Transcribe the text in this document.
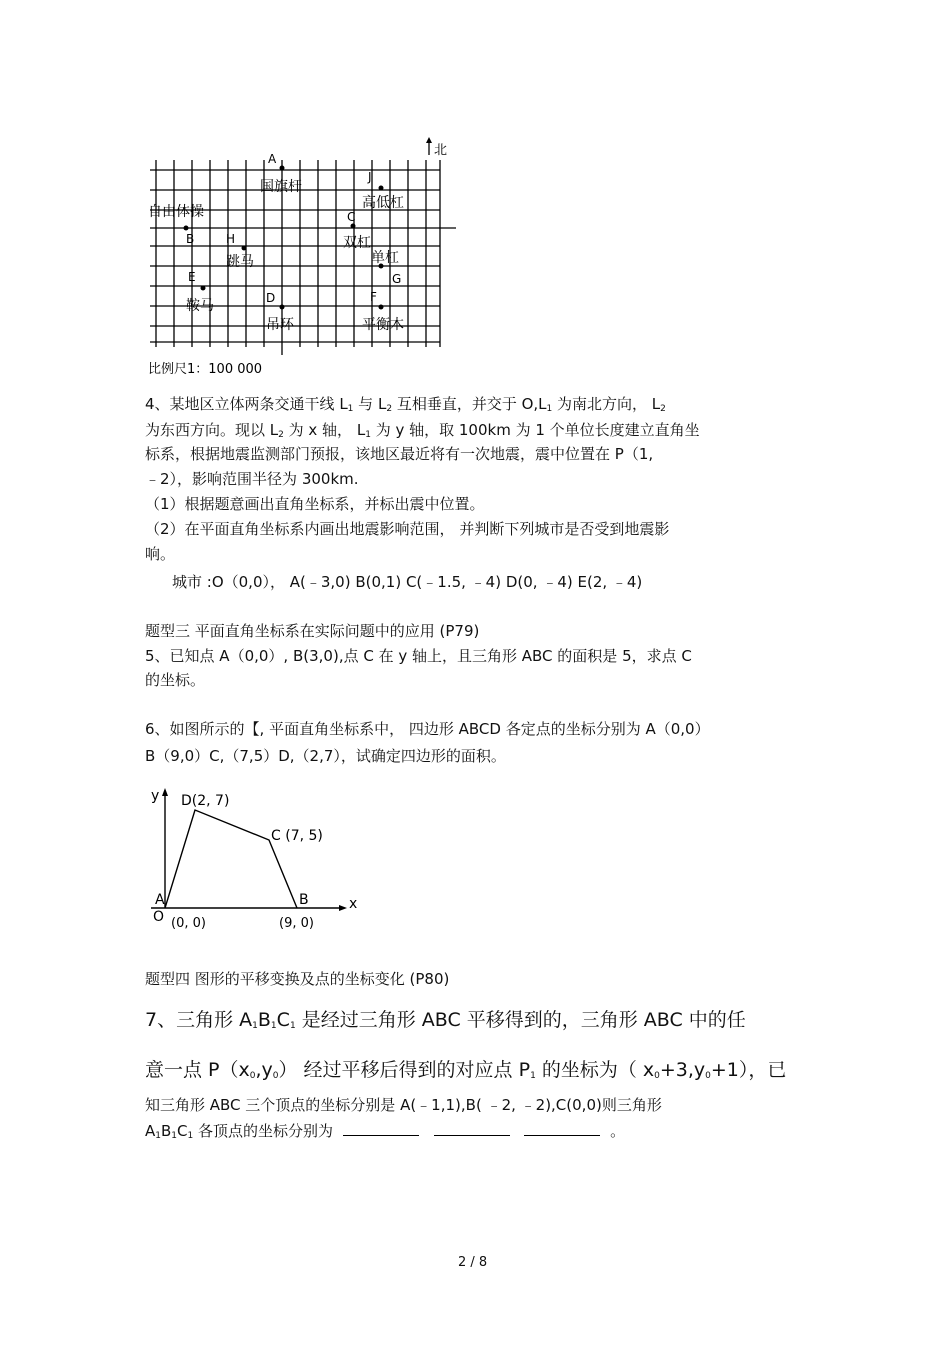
北
A
国旗杆
自由体操
B	H
跳马
E
鞍马	D
吊环
J
高低杠
C
双杠
单杠
G
F
平衡木
比例尺1：100 000
4、某地区立体两条交通干线 $L_1$ 与 $L_2$ 互相垂直，并交于 $O,L_1$ 为南北方向， $L_2$
为东西方向。现以 $L_2$ 为 x 轴， $L_1$ 为 y 轴，取 100km 为 1 个单位长度建立直角坐
标系，根据地震监测部门预报，该地区最近将有一次地震，震中位置在 P（1,
﹣2），影响范围半径为 300km.
（1）根据题意画出直角坐标系，并标出震中位置。
（2）在平面直角坐标系内画出地震影响范围， 并判断下列城市是否受到地震影
响。
城市 :O（0,0）， A(﹣3,0) B(0,1) C(﹣1.5, ﹣4) D(0, ﹣4) E(2, ﹣4)
题型三 平面直角坐标系在实际问题中的应用 (P79)
5、已知点 A（0,0）, B(3,0),点 C 在 y 轴上，且三角形 ABC 的面积是 5，求点 C
的坐标。
6、如图所示的【, 平面直角坐标系中， 四边形 ABCD 各定点的坐标分别为 A（0,0）
B（9,0）C,（7,5）D,（2,7），试确定四边形的面积。
y
x
D(2, 7)
C (7, 5)
A
O
B
(0, 0)	(9, 0)
题型四 图形的平移变换及点的坐标变化 (P80)
7、三角形 $A_1B_1C_1$ 是经过三角形 ABC 平移得到的，三角形 ABC 中的任
意一点 $P(x_0,y_0)$ 经过平移后得到的对应点 $P_1$ 的坐标为（ $x_0+3,y_0+1$），已
知三角形 ABC 三个顶点的坐标分别是 A(﹣1,1),B( ﹣2, ﹣2),C(0,0)则三角形
$A_1B_1C_1$ 各顶点的坐标分别为	。
2 / 8
